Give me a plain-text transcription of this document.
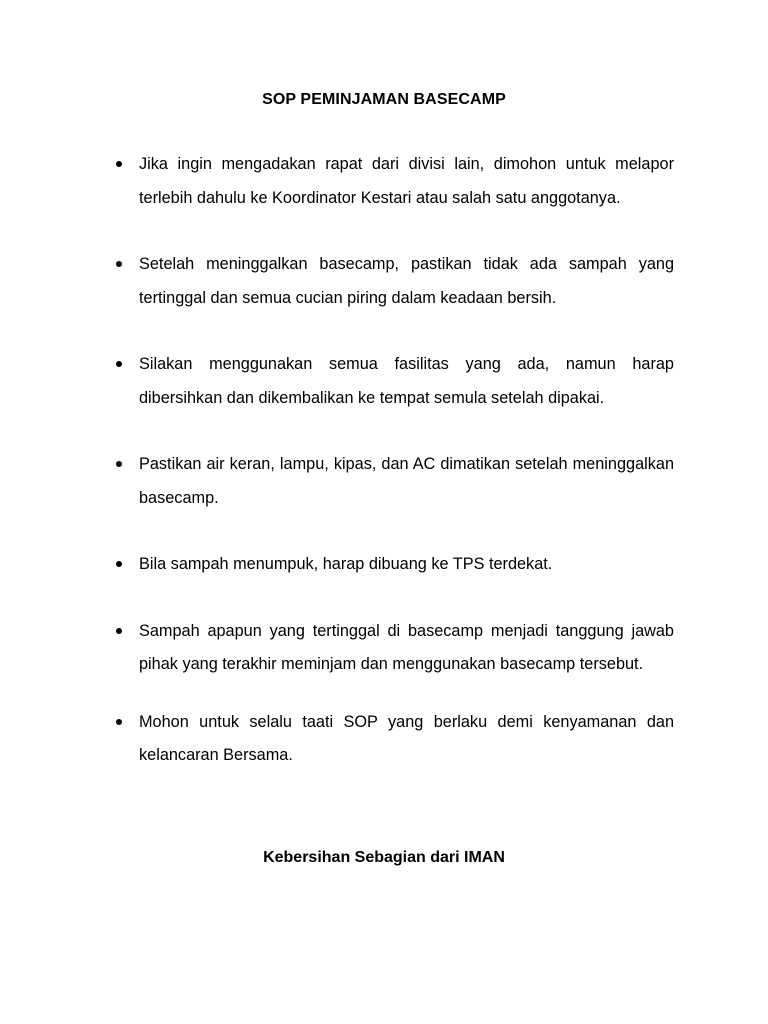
SOP PEMINJAMAN BASECAMP
Jika ingin mengadakan rapat dari divisi lain, dimohon untuk melapor terlebih dahulu ke Koordinator Kestari atau salah satu anggotanya.
Setelah meninggalkan basecamp, pastikan tidak ada sampah yang tertinggal dan semua cucian piring dalam keadaan bersih.
Silakan menggunakan semua fasilitas yang ada, namun harap dibersihkan dan dikembalikan ke tempat semula setelah dipakai.
Pastikan air keran, lampu, kipas, dan AC dimatikan setelah meninggalkan basecamp.
Bila sampah menumpuk, harap dibuang ke TPS terdekat.
Sampah apapun yang tertinggal di basecamp menjadi tanggung jawab pihak yang terakhir meminjam dan menggunakan basecamp tersebut.
Mohon untuk selalu taati SOP yang berlaku demi kenyamanan dan kelancaran Bersama.
Kebersihan Sebagian dari IMAN
